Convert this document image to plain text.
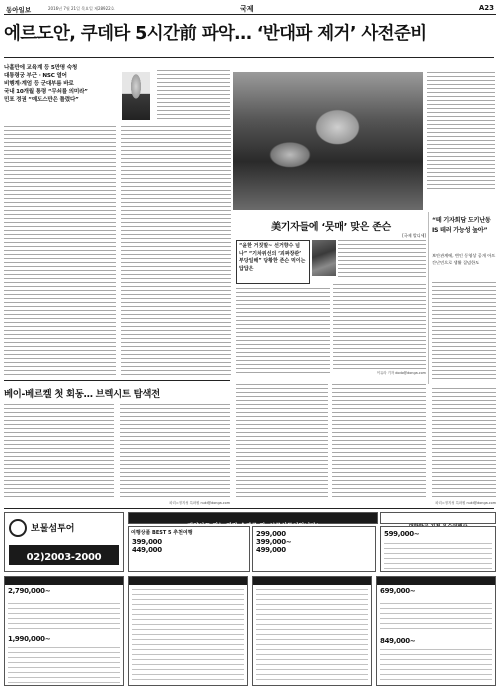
동아일보	2016년 7월 21일 목요일 제28922호	국제	A23
에르도안, 쿠데타 5시간前 파악… ‘반대파 제거’ 사전준비
나흘만에 교육계 등 5만명 숙청
대통령궁 부근 · NSC 열어
비행계·계엄 등 군대부름 바로
국내 10개월 통령 “무쇠를 의미라”
민포 정권 “예도스만은 틀렸다”
美기자들에 ‘뭇매’ 맞은 존슨
[국제 발디세]
“윤한 거짓말~ 선거향수 넘나” “기차위선의 ‘괴짜장관’ 부당일해” 당황한 존슨 먹이는 답답은
이유라 기자 dodo@donga.com
“테 기자회담 도키난동 IS 테러 가능성 높아”
보안관계에, 변인 동영상 공개 아프간난민으로 생활 질념한도
베이-베르켈 첫 회동… 브렉시트 탐색전
파리=정지성 특파원 nuki@donga.com	파리=정지성 특파원 nuki@donga.com
보물섬투어
02)2003-2000
여행상품 BEST 5 추천여행
399,000
449,000
299,000
399,000~
499,000
599,000~

2,790,000~
1,990,000~

699,000~
849,000~
